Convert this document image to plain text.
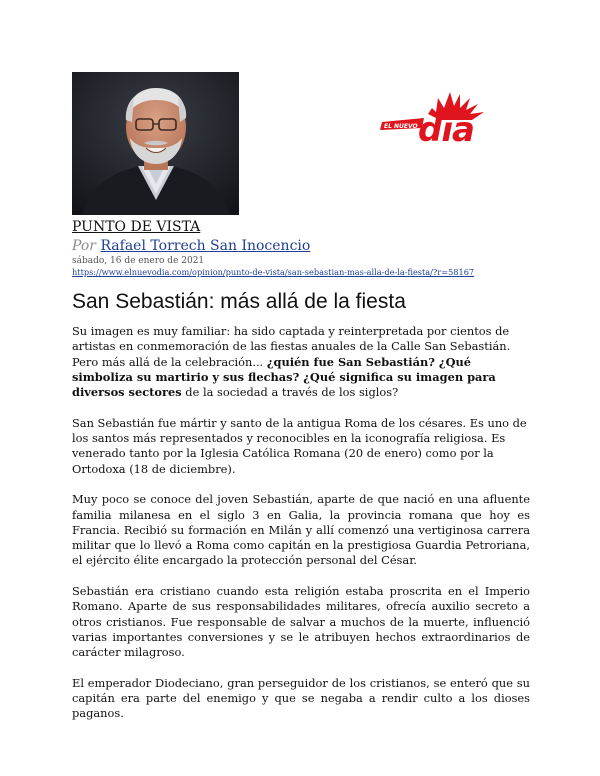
día
EL NUEVO
PUNTO DE VISTA
Por Rafael Torrech San Inocencio
sábado, 16 de enero de 2021
https://www.elnuevodia.com/opinion/punto-de-vista/san-sebastian-mas-alla-de-la-fiesta/?r=58167
San Sebastián: más allá de la fiesta

Su imagen es muy familiar: ha sido captada y reinterpretada por cientos de artistas en conmemoración de las fiestas anuales de la Calle San Sebastián. Pero más allá de la celebración... ¿quién fue San Sebastián? ¿Qué simboliza su martirio y sus flechas? ¿Qué significa su imagen para diversos sectores de la sociedad a través de los siglos?

San Sebastián fue mártir y santo de la antigua Roma de los césares. Es uno de los santos más representados y reconocibles en la iconografía religiosa. Es venerado tanto por la Iglesia Católica Romana (20 de enero) como por la Ortodoxa (18 de diciembre).

Muy poco se conoce del joven Sebastián, aparte de que nació en una afluente familia milanesa en el siglo 3 en Galia, la provincia romana que hoy es Francia. Recibió su formación en Milán y allí comenzó una vertiginosa carrera militar que lo llevó a Roma como capitán en la prestigiosa Guardia Petroriana, el ejército élite encargado la protección personal del César.

Sebastián era cristiano cuando esta religión estaba proscrita en el Imperio Romano. Aparte de sus responsabilidades militares, ofrecía auxilio secreto a otros cristianos. Fue responsable de salvar a muchos de la muerte, influenció varias importantes conversiones y se le atribuyen hechos extraordinarios de carácter milagroso.

El emperador Diodeciano, gran perseguidor de los cristianos, se enteró que su capitán era parte del enemigo y que se negaba a rendir culto a los dioses paganos.
